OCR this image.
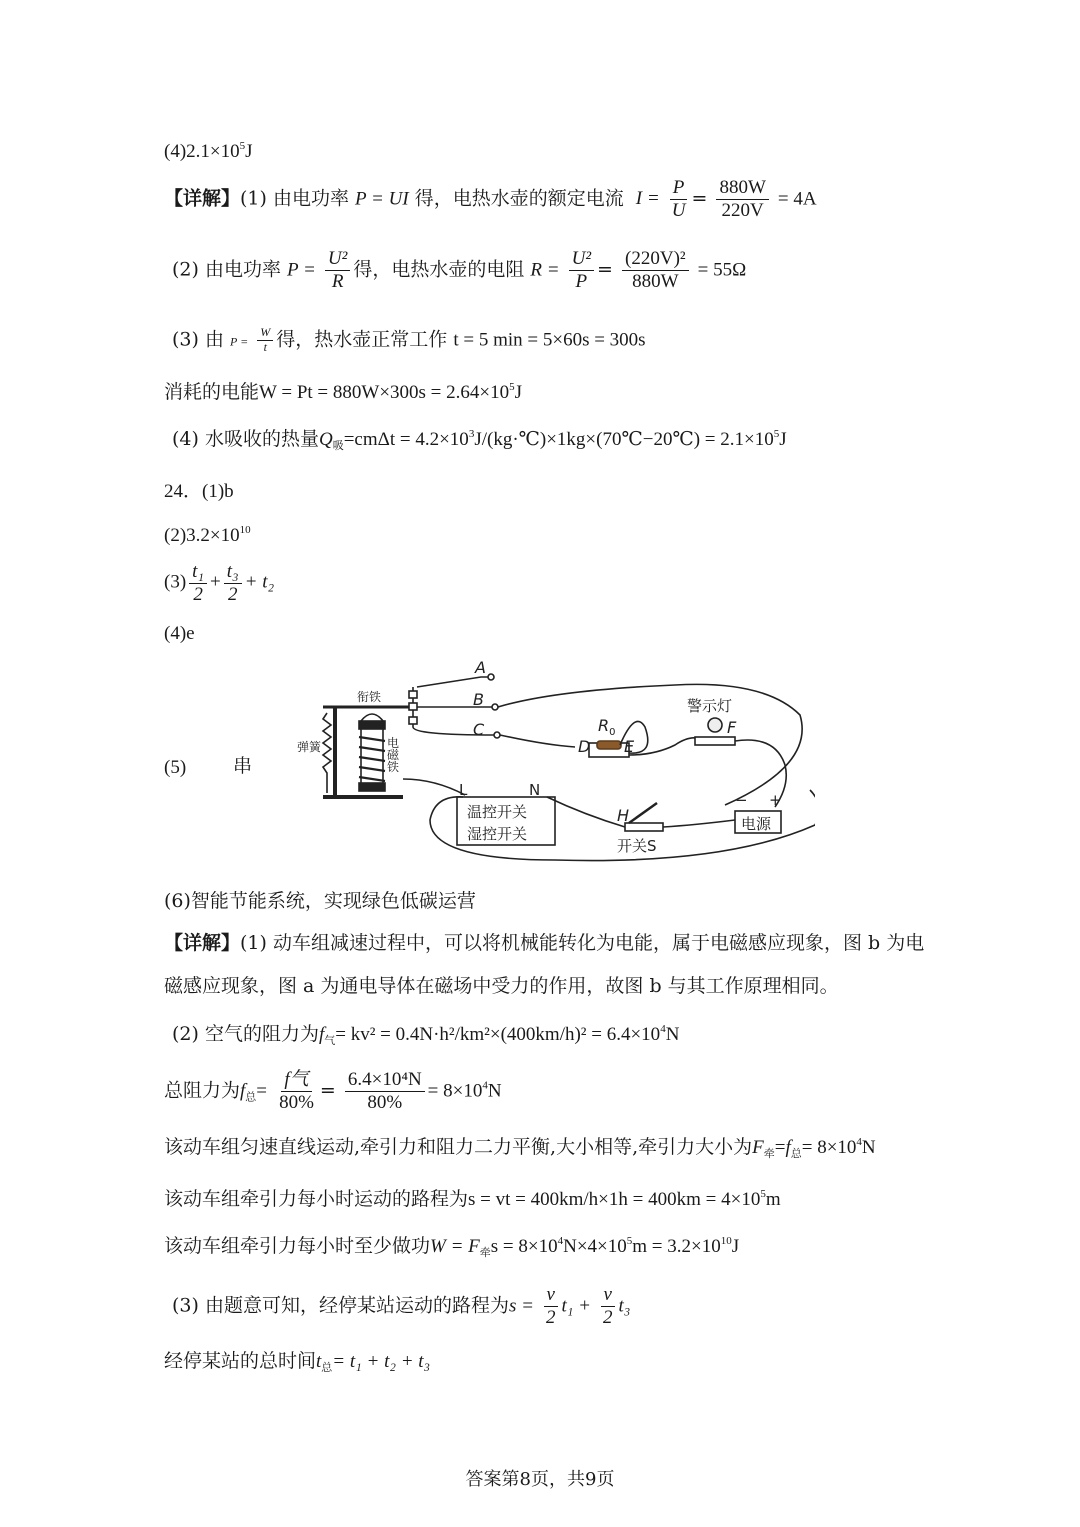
$(4)2.1\times 10^5J$
【详解】(1) 由电功率 P = UI 得，电热水壶的额定电流 $I = \frac{P}{U} = \frac{880W}{220V} = 4A$
(2) 由电功率 $P = \frac{\text{U²}}{R}$ 得，电热水壶的电阻 $R = \frac{\text{U²}}{P} = \frac{\text{(220V)²}}{880W} = 55\Omega$
(3) 由 $P = \frac{W}{t}$ 得，热水壶正常工作 t = 5 min = 5×60s = 300s
消耗的电能$W = Pt = 880W\times 300s = 2.64\times 10^5J$
(4) 水吸收的热量$Q_吸=cm\Delta t$ = $4.2\times 10^3J/(kg\cdot℃)\times 1kg\times(70℃-20℃) = 2.1\times 10^5J$
24．(1)b
$(2)3.2\times 10^{10}$
$(3) \frac{\text{t₁}}{2} + \frac{\text{t₃}}{2} + t_2$
(4)e
(5) 串
衔铁
弹簧	电
磁
铁
A
B
C
D E
F
H
$R_0$
警示灯
L	N
温控开关
湿控开关
开关S
− +
电源
(6)智能节能系统，实现绿色低碳运营
【详解】(1) 动车组减速过程中，可以将机械能转化为电能，属于电磁感应现象，图 b 为电
磁感应现象，图 a 为通电导体在磁场中受力的作用，故图 b 与其工作原理相同。
(2) 空气的阻力为$f_气= kv^2 = 0.4N\cdot h^2/km^2\times(400km/h)^2 = 6.4\times 10^4N$
总阻力为$f_总= \frac{\text{f气}}{80\%} = \frac{\text{6.4×10⁴N}}{80\%} = 8\times 10^4N$
该动车组匀速直线运动,牵引力和阻力二力平衡,大小相等,牵引力大小为$F_牵=f_总= 8\times 10^4N$
该动车组牵引力每小时运动的路程为s = vt = $400km/h\times 1h = 400km = 4\times 10^5m$
该动车组牵引力每小时至少做功$W = F_牵s = 8\times 10^4N\times 4\times 10^5m = 3.2\times 10^{10}J$
(3) 由题意可知，经停某站运动的路程为$s = \frac{v}{2} t_1 + \frac{v}{2} t_3$
经停某站的总时间$t_总= t_1 + t_2 + t_3$
答案第8页，共9页
